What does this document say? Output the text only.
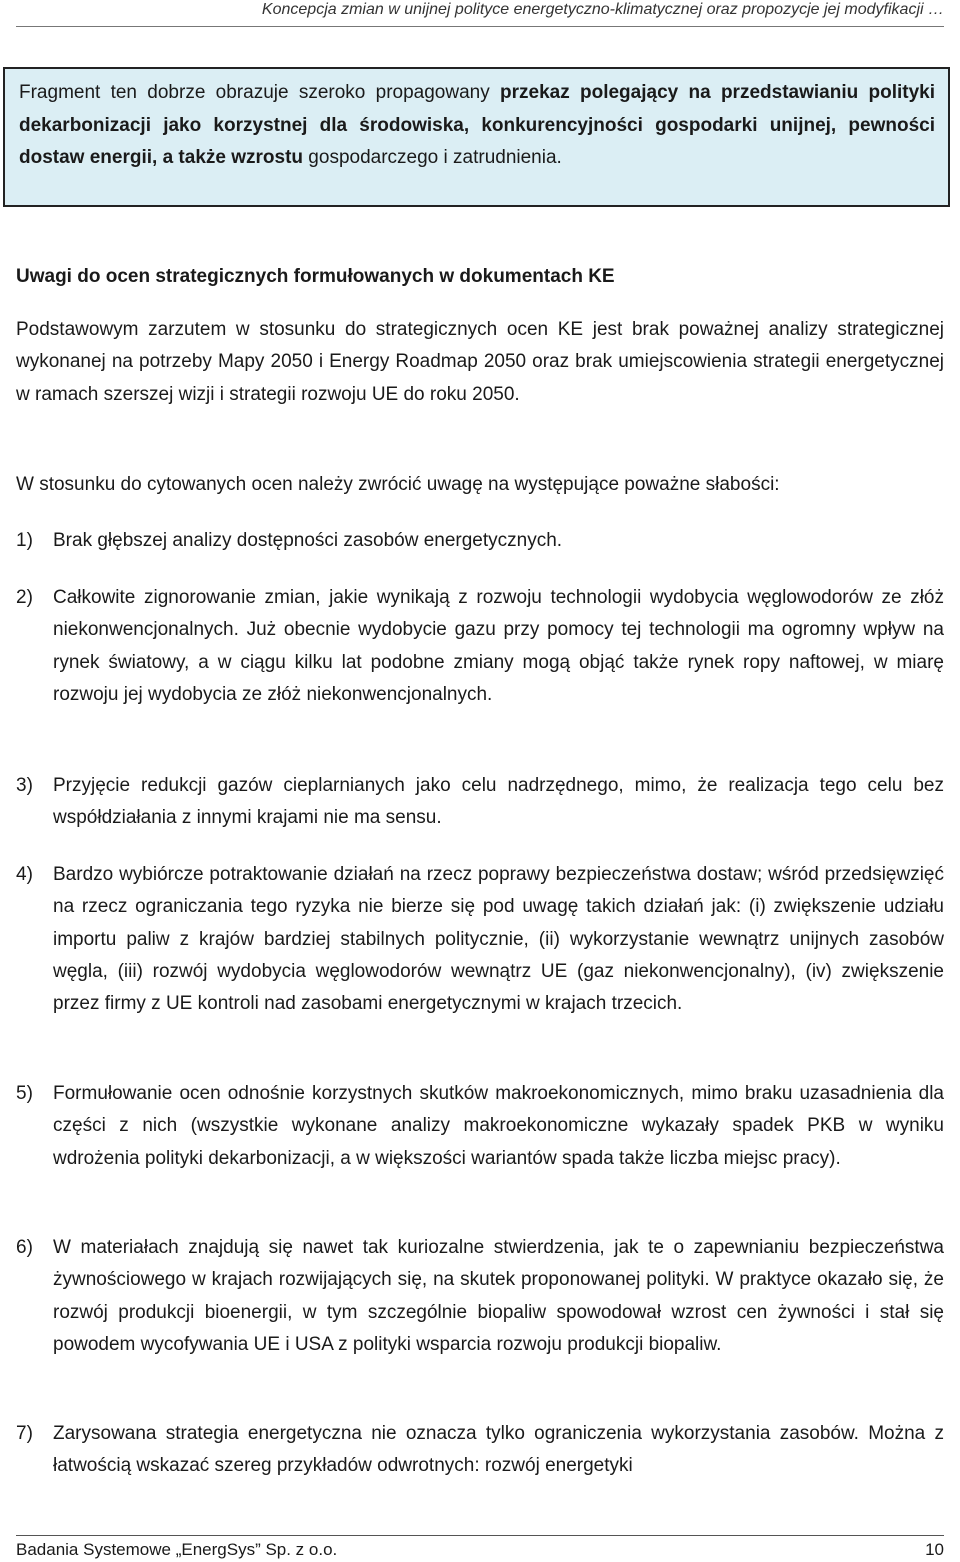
Koncepcja zmian w unijnej polityce energetyczno-klimatycznej oraz propozycje jej modyfikacji …

Fragment ten dobrze obrazuje szeroko propagowany przekaz polegający na przedstawianiu polityki dekarbonizacji jako korzystnej dla środowiska, konkurencyjności gospodarki unijnej, pewności dostaw energii, a także wzrostu gospodarczego i zatrudnienia.

Uwagi do ocen strategicznych formułowanych w dokumentach KE
Podstawowym zarzutem w stosunku do strategicznych ocen KE jest brak poważnej analizy strategicznej wykonanej na potrzeby Mapy 2050 i Energy Roadmap 2050 oraz brak umiejscowienia strategii energetycznej w ramach szerszej wizji i strategii rozwoju UE do roku 2050.
W stosunku do cytowanych ocen należy zwrócić uwagę na występujące poważne słabości:
1)	Brak głębszej analizy dostępności zasobów energetycznych.
2)	Całkowite zignorowanie zmian, jakie wynikają z rozwoju technologii wydobycia węglowodorów ze złóż niekonwencjonalnych. Już obecnie wydobycie gazu przy pomocy tej technologii ma ogromny wpływ na rynek światowy, a w ciągu kilku lat podobne zmiany mogą objąć także rynek ropy naftowej, w miarę rozwoju jej wydobycia ze złóż niekonwencjonalnych.
3)	Przyjęcie redukcji gazów cieplarnianych jako celu nadrzędnego, mimo, że realizacja tego celu bez współdziałania z innymi krajami nie ma sensu.
4)	Bardzo wybiórcze potraktowanie działań na rzecz poprawy bezpieczeństwa dostaw; wśród przedsięwzięć na rzecz ograniczania tego ryzyka nie bierze się pod uwagę takich działań jak: (i) zwiększenie udziału importu paliw z krajów bardziej stabilnych politycznie, (ii) wykorzystanie wewnątrz unijnych zasobów węgla, (iii) rozwój wydobycia węglowodorów wewnątrz UE (gaz niekonwencjonalny), (iv) zwiększenie przez firmy z UE kontroli nad zasobami energetycznymi w krajach trzecich.
5)	Formułowanie ocen odnośnie korzystnych skutków makroekonomicznych, mimo braku uzasadnienia dla części z nich (wszystkie wykonane analizy makroekonomiczne wykazały spadek PKB w wyniku wdrożenia polityki dekarbonizacji, a w większości wariantów spada także liczba miejsc pracy).
6)	W materiałach znajdują się nawet tak kuriozalne stwierdzenia, jak te o zapewnianiu bezpieczeństwa żywnościowego w krajach rozwijających się, na skutek proponowanej polityki. W praktyce okazało się, że rozwój produkcji bioenergii, w tym szczególnie biopaliw spowodował wzrost cen żywności i stał się powodem wycofywania UE i USA z polityki wsparcia rozwoju produkcji biopaliw.
7)	Zarysowana strategia energetyczna nie oznacza tylko ograniczenia wykorzystania zasobów. Można z łatwością wskazać szereg przykładów odwrotnych: rozwój energetyki
Badania Systemowe „EnergSys” Sp. z o.o.	10
